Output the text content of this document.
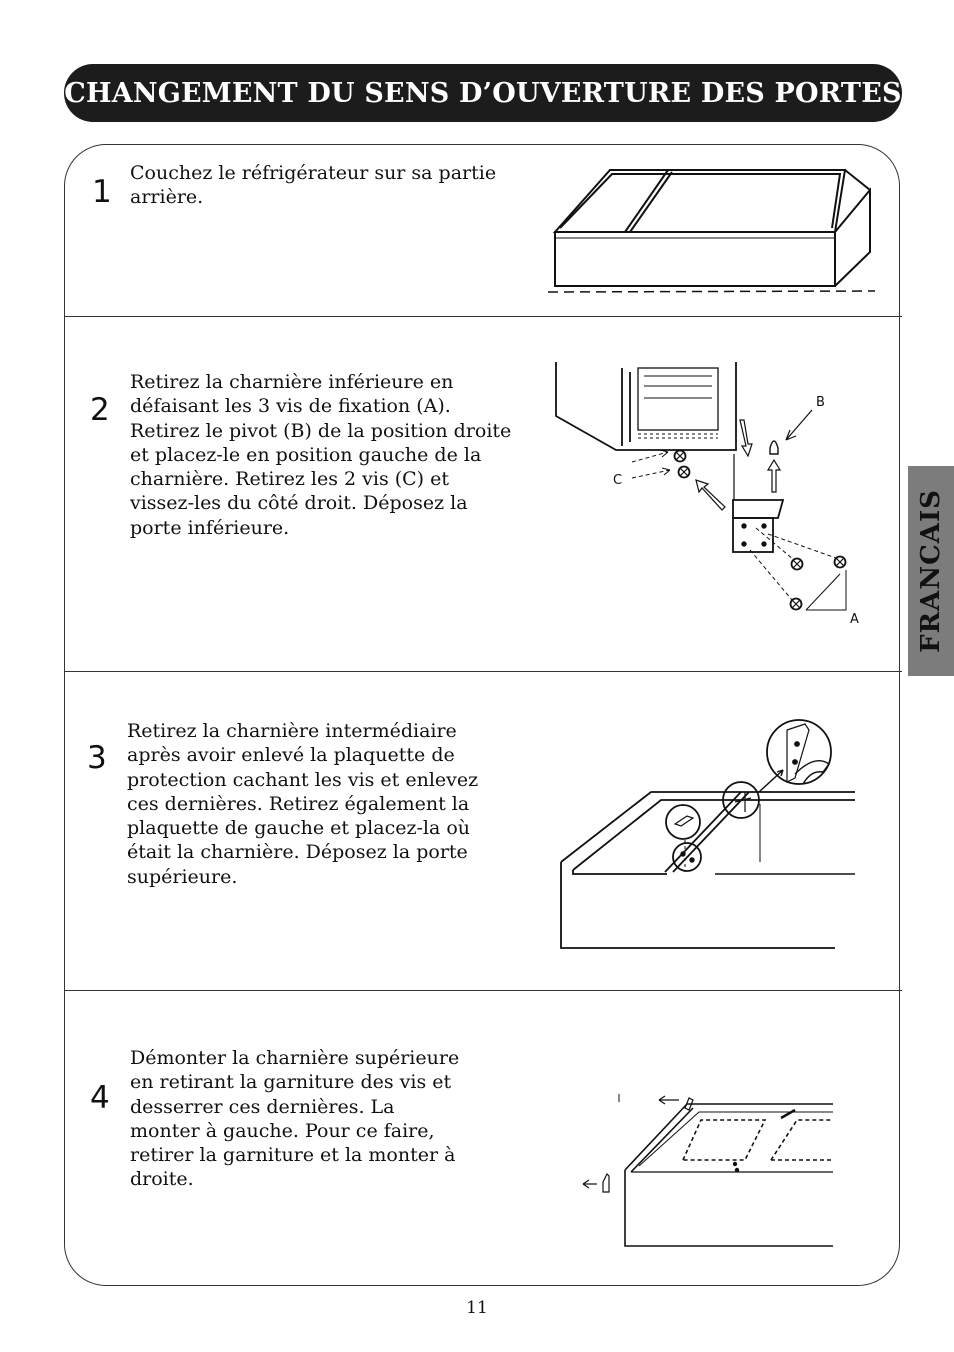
CHANGEMENT DU SENS D’OUVERTURE DES PORTES
FRANCAIS
1
Couchez le réfrigérateur sur sa partie
arrière.
2
Retirez la charnière inférieure en
défaisant les 3 vis de fixation (A).
Retirez le pivot (B) de la position droite
et placez-le en position gauche de la
charnière. Retirez les 2 vis (C) et
vissez-les du côté droit. Déposez la
porte inférieure.
B
C
A
3
Retirez la charnière intermédiaire
après avoir enlevé la plaquette de
protection cachant les vis et enlevez
ces dernières. Retirez également la
plaquette de gauche et placez-la où
était la charnière. Déposez la porte
supérieure.
4
Démonter la charnière supérieure
en retirant la garniture des vis et
desserrer ces dernières. La
monter à gauche. Pour ce faire,
retirer la garniture et la monter à
droite.
11
